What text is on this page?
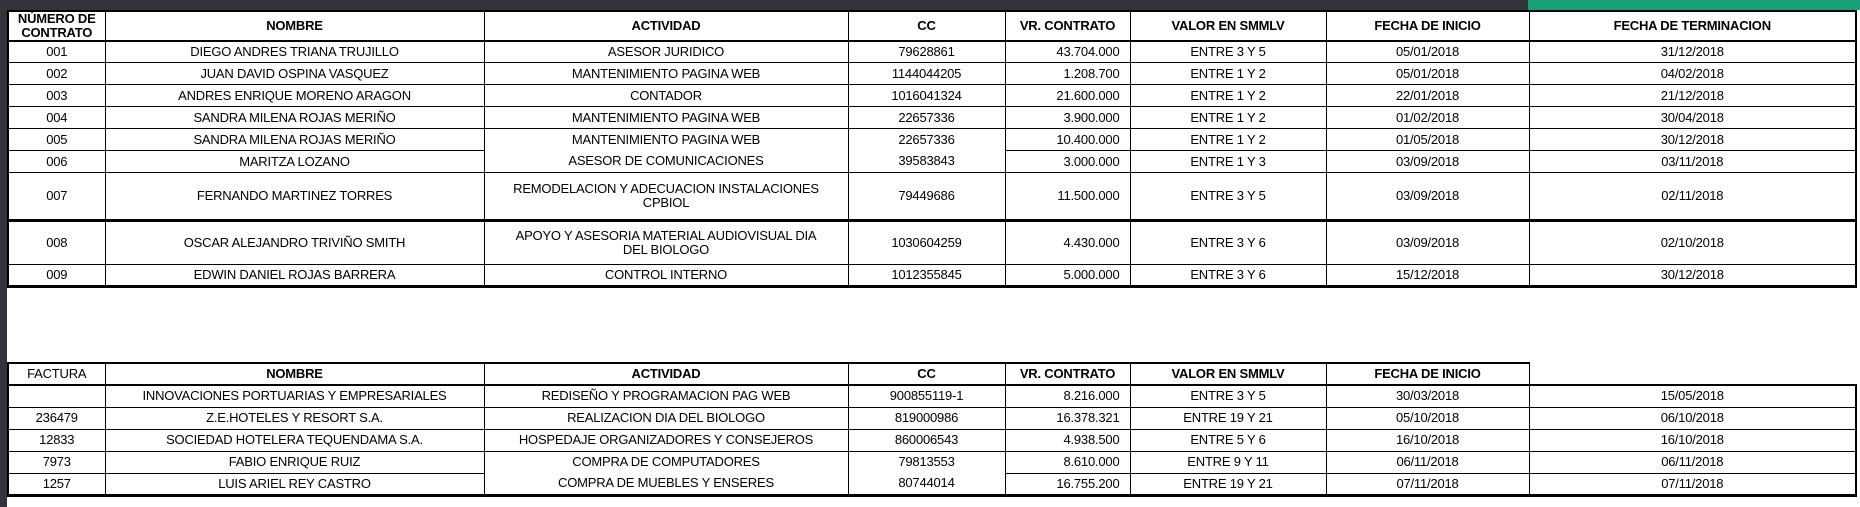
NÚMERO DE CONTRATO	NOMBRE	ACTIVIDAD	CC	VR. CONTRATO	VALOR EN SMMLV	FECHA DE INICIO	FECHA DE TERMINACION
001	DIEGO ANDRES TRIANA TRUJILLO	ASESOR JURIDICO	79628861	43.704.000	ENTRE 3 Y 5	05/01/2018	31/12/2018
002	JUAN DAVID OSPINA VASQUEZ	MANTENIMIENTO PAGINA WEB	1144044205	1.208.700	ENTRE 1 Y 2	05/01/2018	04/02/2018
003	ANDRES ENRIQUE MORENO ARAGON	CONTADOR	1016041324	21.600.000	ENTRE 1 Y 2	22/01/2018	21/12/2018
004	SANDRA MILENA ROJAS MERIÑO	MANTENIMIENTO PAGINA WEB	22657336	3.900.000	ENTRE 1 Y 2	01/02/2018	30/04/2018
005	SANDRA MILENA ROJAS MERIÑO	MANTENIMIENTO PAGINA WEB	22657336	10.400.000	ENTRE 1 Y 2	01/05/2018	30/12/2018
006	MARITZA LOZANO	ASESOR DE COMUNICACIONES	39583843	3.000.000	ENTRE 1 Y 3	03/09/2018	03/11/2018
007	FERNANDO MARTINEZ TORRES	REMODELACION Y ADECUACION INSTALACIONES CPBIOL	79449686	11.500.000	ENTRE 3 Y 5	03/09/2018	02/11/2018
008	OSCAR ALEJANDRO TRIVIÑO SMITH	APOYO Y ASESORIA MATERIAL AUDIOVISUAL DIA DEL BIOLOGO	1030604259	4.430.000	ENTRE 3 Y 6	03/09/2018	02/10/2018
009	EDWIN DANIEL ROJAS BARRERA	CONTROL INTERNO	1012355845	5.000.000	ENTRE 3 Y 6	15/12/2018	30/12/2018
FACTURA	NOMBRE	ACTIVIDAD	CC	VR. CONTRATO	VALOR EN SMMLV	FECHA DE INICIO	
	INNOVACIONES PORTUARIAS Y EMPRESARIALES	REDISEÑO Y PROGRAMACION PAG WEB	900855119-1	8.216.000	ENTRE 3 Y 5	30/03/2018	15/05/2018
236479	Z.E.HOTELES Y RESORT S.A.	REALIZACION DIA DEL BIOLOGO	819000986	16.378.321	ENTRE 19 Y 21	05/10/2018	06/10/2018
12833	SOCIEDAD HOTELERA TEQUENDAMA S.A.	HOSPEDAJE ORGANIZADORES Y CONSEJEROS	860006543	4.938.500	ENTRE 5 Y 6	16/10/2018	16/10/2018
7973	FABIO ENRIQUE RUIZ	COMPRA DE COMPUTADORES	79813553	8.610.000	ENTRE 9 Y 11	06/11/2018	06/11/2018
1257	LUIS ARIEL REY CASTRO	COMPRA DE MUEBLES Y ENSERES	80744014	16.755.200	ENTRE 19 Y 21	07/11/2018	07/11/2018
